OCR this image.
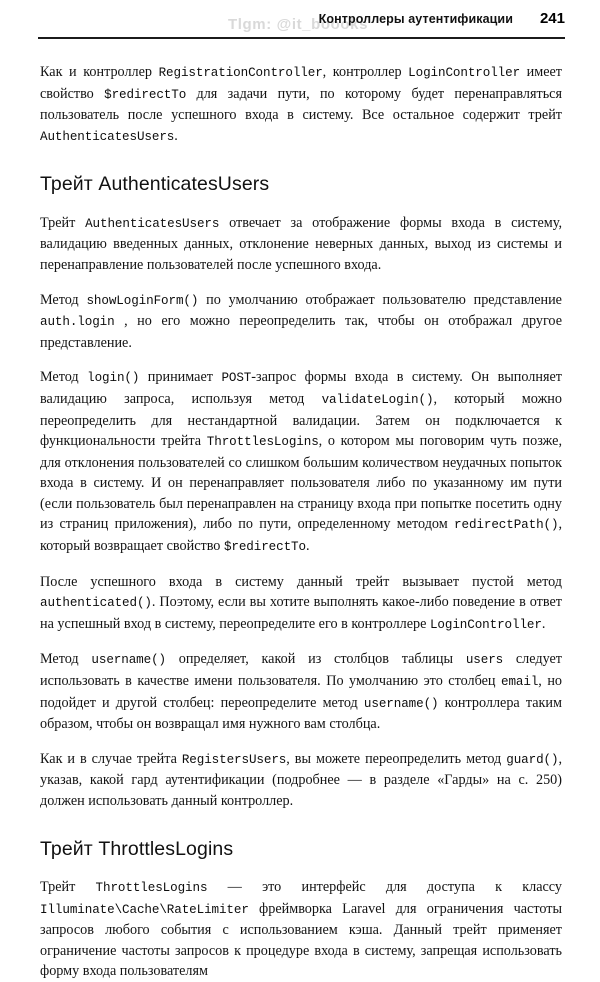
Tlgm: @it_boooks
Контроллеры аутентификации 241

Как и контроллер RegistrationController, контроллер LoginController имеет свойство $redirectTo для задачи пути, по которому будет перенаправляться пользователь после успешного входа в систему. Все остальное содержит трейт AuthenticatesUsers.

Трейт AuthenticatesUsers

Трейт AuthenticatesUsers отвечает за отображение формы входа в систему, валидацию введенных данных, отклонение неверных данных, выход из системы и перенаправление пользователей после успешного входа.

Метод showLoginForm() по умолчанию отображает пользователю представление auth.login , но его можно переопределить так, чтобы он отображал другое представление.

Метод login() принимает POST-запрос формы входа в систему. Он выполняет валидацию запроса, используя метод validateLogin(), который можно переопределить для нестандартной валидации. Затем он подключается к функциональности трейта ThrottlesLogins, о котором мы поговорим чуть позже, для отклонения пользователей со слишком большим количеством неудачных попыток входа в систему. И он перенаправляет пользователя либо по указанному им пути (если пользователь был перенаправлен на страницу входа при попытке посетить одну из страниц приложения), либо по пути, определенному методом redirectPath(), который возвращает свойство $redirectTo.

После успешного входа в систему данный трейт вызывает пустой метод authenticated(). Поэтому, если вы хотите выполнять какое-либо поведение в ответ на успешный вход в систему, переопределите его в контроллере LoginController.

Метод username() определяет, какой из столбцов таблицы users следует использовать в качестве имени пользователя. По умолчанию это столбец email, но подойдет и другой столбец: переопределите метод username() контроллера таким образом, чтобы он возвращал имя нужного вам столбца.

Как и в случае трейта RegistersUsers, вы можете переопределить метод guard(), указав, какой гард аутентификации (подробнее — в разделе «Гарды» на с. 250) должен использовать данный контроллер.

Трейт ThrottlesLogins

Трейт ThrottlesLogins — это интерфейс для доступа к классу Illuminate\Cache\RateLimiter фреймворка Laravel для ограничения частоты запросов любого события с использованием кэша. Данный трейт применяет ограничение частоты запросов к процедуре входа в систему, запрещая использовать форму входа пользователям
